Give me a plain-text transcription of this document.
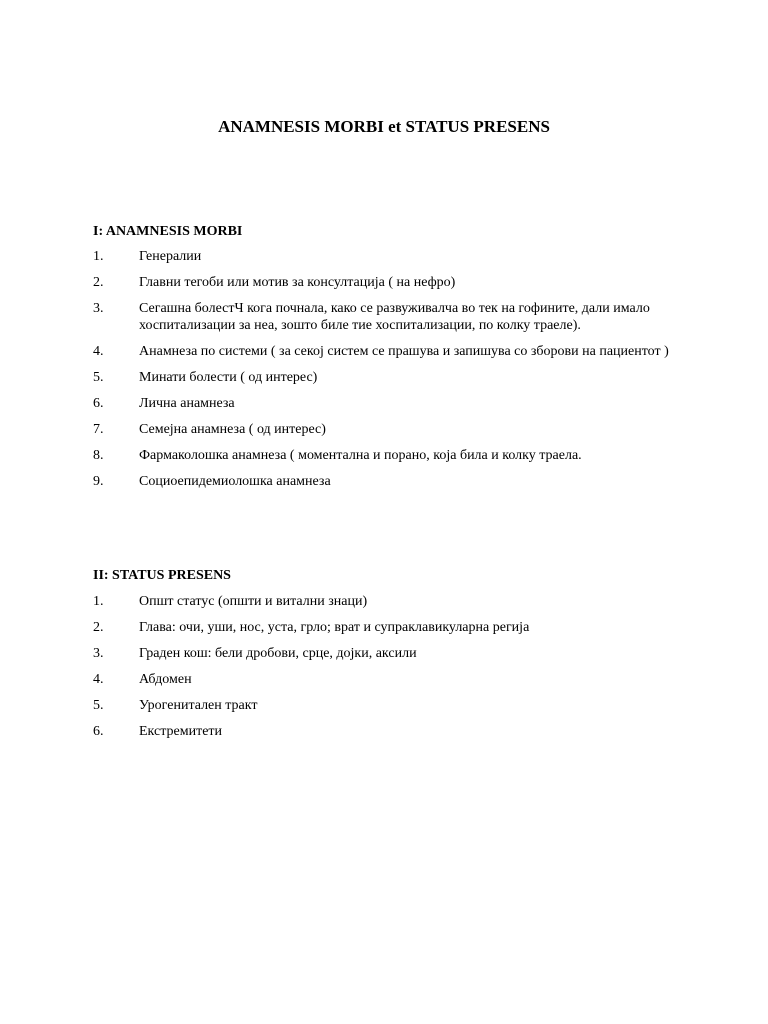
ANAMNESIS MORBI et STATUS PRESENS

I: ANAMNESIS MORBI

1.	Генералии
2.	Главни тегоби или мотив за консултација ( на нефро)
3.	Сегашна болестЧ кога почнала, како се развуживалча во тек на гофините, дали имало хоспитализации за неа, зошто биле тие хоспитализации, по колку траеле).
4.	Анамнеза по системи ( за секој систем се прашува и запишува со зборови на пациентот )
5.	Минати болести ( од интерес)
6.	Лична анамнеза
7.	Семејна анамнеза ( од интерес)
8.	Фармаколошка анамнеза ( моментална и порано, која била и колку траела.
9.	Социоепидемиолошка анамнеза

II: STATUS PRESENS

1.	Општ статус (општи и витални знаци)
2.	Глава: очи, уши, нос, уста, грло; врат и супраклавикуларна регија
3.	Граден кош: бели дробови, срце, дојки, аксили
4.	Абдомен
5.	Урогенитален тракт
6.	Екстремитети
